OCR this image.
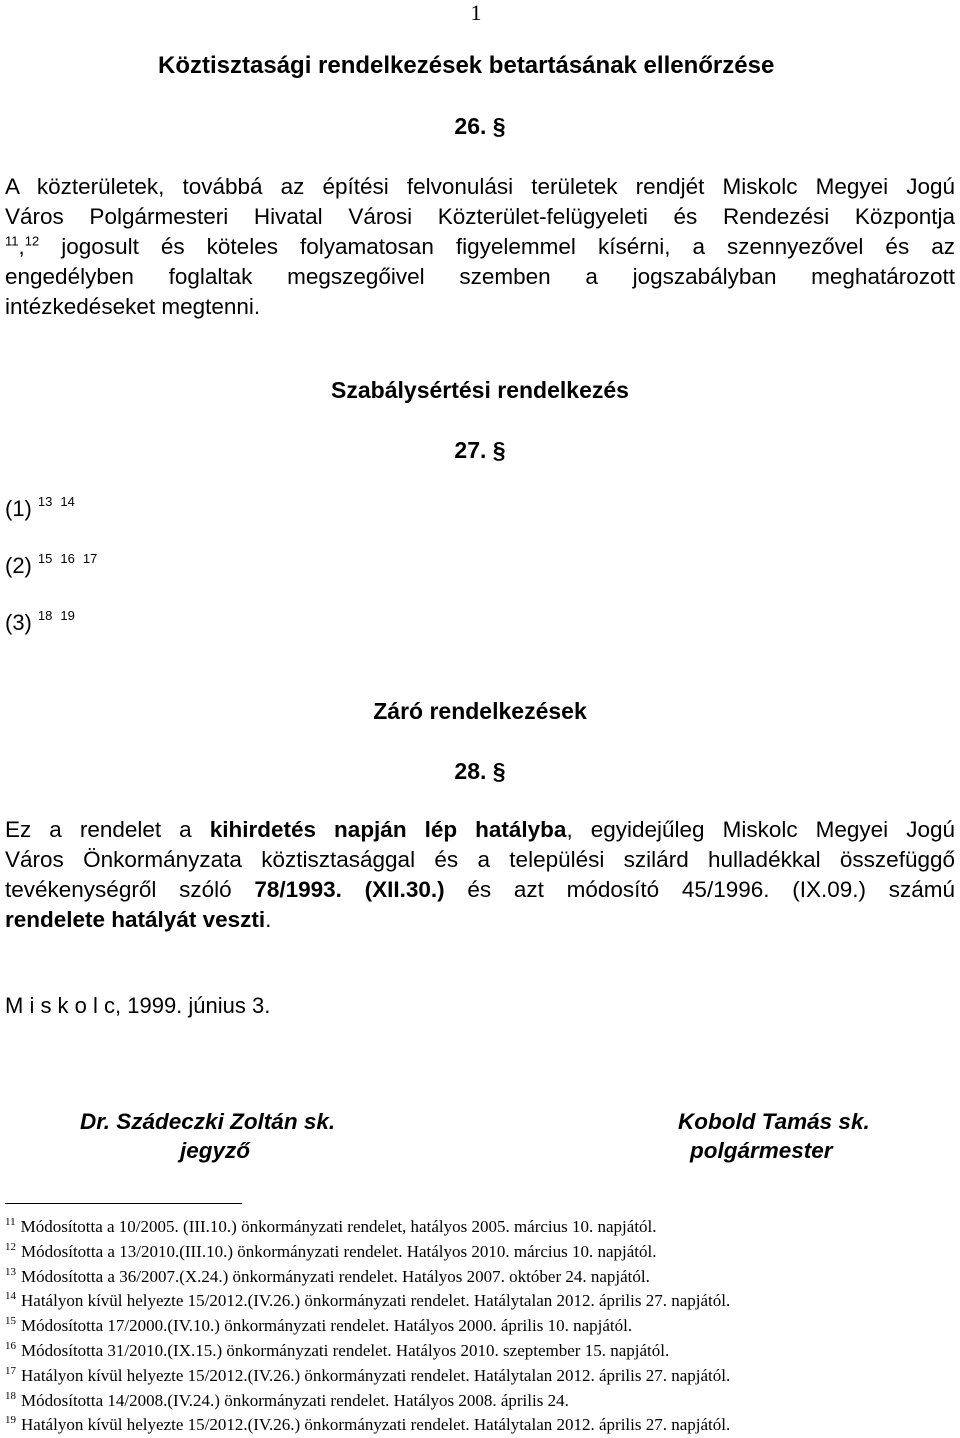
1
Köztisztasági rendelkezések betartásának ellenőrzése
26. §
A közterületek, továbbá az építési felvonulási területek rendjét Miskolc Megyei Jogú
Város Polgármesteri Hivatal Városi Közterület-felügyeleti és Rendezési Központja
$^{11}$,$^{12}$ jogosult és köteles folyamatosan figyelemmel kísérni, a szennyezővel és az
engedélyben foglaltak megszegőivel szemben a jogszabályban meghatározott
intézkedéseket megtenni.
Szabálysértési rendelkezés
27. §
(1) $^{13}$ $^{14}$
(2) $^{15}$ $^{16}$ $^{17}$
(3) $^{18}$ $^{19}$
Záró rendelkezések
28. §
Ez a rendelet a kihirdetés napján lép hatályba, egyidejűleg Miskolc Megyei Jogú
Város Önkormányzata köztisztasággal és a települési szilárd hulladékkal összefüggő
tevékenységről szóló 78/1993. (XII.30.) és azt módosító 45/1996. (IX.09.) számú
rendelete hatályát veszti.
M i s k o l c, 1999. június 3.
Dr. Szádeczki Zoltán sk.
jegyző
Kobold Tamás sk.
polgármester
$^{11}$ Módosította a 10/2005. (III.10.) önkormányzati rendelet, hatályos 2005. március 10. napjától.
$^{12}$ Módosította a 13/2010.(III.10.) önkormányzati rendelet. Hatályos 2010. március 10. napjától.
$^{13}$ Módosította a 36/2007.(X.24.) önkormányzati rendelet. Hatályos 2007. október 24. napjától.
$^{14}$ Hatályon kívül helyezte 15/2012.(IV.26.) önkormányzati rendelet. Hatálytalan 2012. április 27. napjától.
$^{15}$ Módosította 17/2000.(IV.10.) önkormányzati rendelet. Hatályos 2000. április 10. napjától.
$^{16}$ Módosította 31/2010.(IX.15.) önkormányzati rendelet. Hatályos 2010. szeptember 15. napjától.
$^{17}$ Hatályon kívül helyezte 15/2012.(IV.26.) önkormányzati rendelet. Hatálytalan 2012. április 27. napjától.
$^{18}$ Módosította 14/2008.(IV.24.) önkormányzati rendelet. Hatályos 2008. április 24.
$^{19}$ Hatályon kívül helyezte 15/2012.(IV.26.) önkormányzati rendelet. Hatálytalan 2012. április 27. napjától.
